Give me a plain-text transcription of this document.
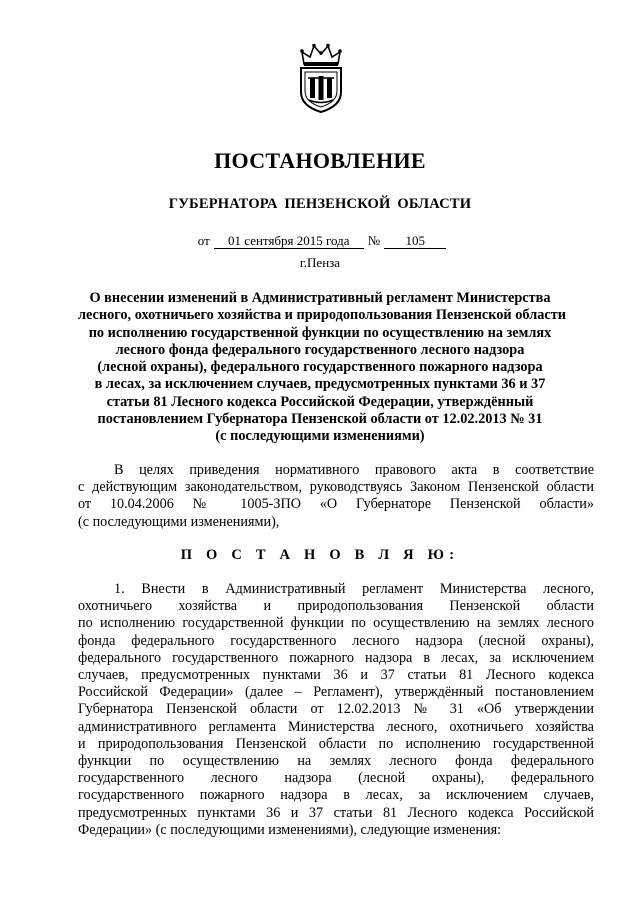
ПОСТАНОВЛЕНИЕ
ГУБЕРНАТОРА ПЕНЗЕНСКОЙ ОБЛАСТИ
от 01 сентября 2015 года № 105
г.Пенза
О внесении изменений в Административный регламент Министерства
лесного, охотничьего хозяйства и природопользования Пензенской области
по исполнению государственной функции по осуществлению на землях
лесного фонда федерального государственного лесного надзора
(лесной охраны), федерального государственного пожарного надзора
в лесах, за исключением случаев, предусмотренных пунктами 36 и 37
статьи 81 Лесного кодекса Российской Федерации, утверждённый
постановлением Губернатора Пензенской области от 12.02.2013 № 31
(с последующими изменениями)
В целях приведения нормативного правового акта в соответствие
с действующим законодательством, руководствуясь Законом Пензенской области
от 10.04.2006 № 1005-ЗПО «О Губернаторе Пензенской области»
(с последующими изменениями),
П О С Т А Н О В Л Я Ю:
1. Внести в Административный регламент Министерства лесного,
охотничьего хозяйства и природопользования Пензенской области
по исполнению государственной функции по осуществлению на землях лесного
фонда федерального государственного лесного надзора (лесной охраны),
федерального государственного пожарного надзора в лесах, за исключением
случаев, предусмотренных пунктами 36 и 37 статьи 81 Лесного кодекса
Российской Федерации» (далее – Регламент), утверждённый постановлением
Губернатора Пензенской области от 12.02.2013 № 31 «Об утверждении
административного регламента Министерства лесного, охотничьего хозяйства
и природопользования Пензенской области по исполнению государственной
функции по осуществлению на землях лесного фонда федерального
государственного лесного надзора (лесной охраны), федерального
государственного пожарного надзора в лесах, за исключением случаев,
предусмотренных пунктами 36 и 37 статьи 81 Лесного кодекса Российской
Федерации» (с последующими изменениями), следующие изменения:
